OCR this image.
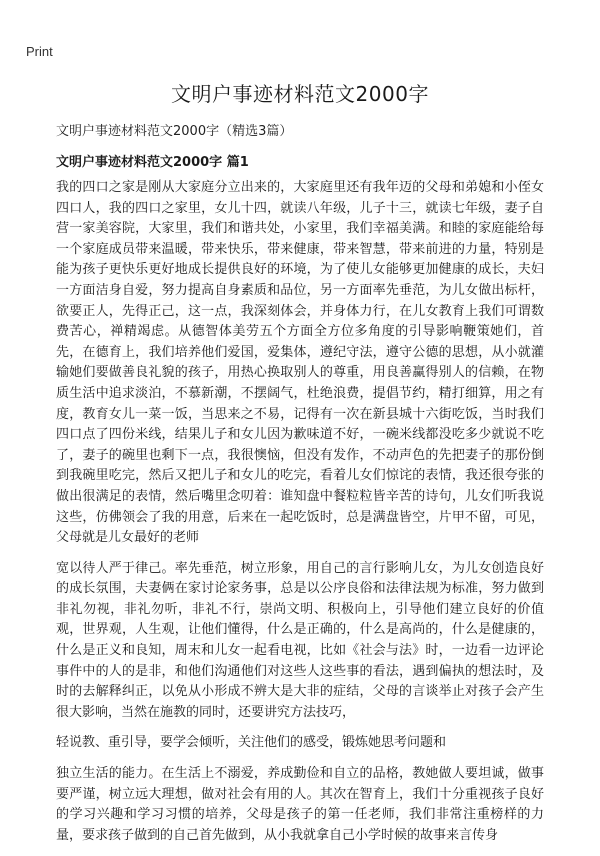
Print
文明户事迹材料范文2000字
文明户事迹材料范文2000字（精选3篇）
文明户事迹材料范文2000字 篇1

我的四口之家是刚从大家庭分立出来的，大家庭里还有我年迈的父母和弟媳和小侄女四口人，我的四口之家里，女儿十四，就读八年级，儿子十三，就读七年级，妻子自营一家美容院，大家里，我们和谐共处，小家里，我们幸福美满。和睦的家庭能给每一个家庭成员带来温暖，带来快乐，带来健康，带来智慧，带来前进的力量，特别是能为孩子更快乐更好地成长提供良好的环境，为了使儿女能够更加健康的成长，夫妇一方面洁身自爱，努力提高自身素质和品位，另一方面率先垂范，为儿女做出标杆，欲要正人，先得正己，这一点，我深刻体会，并身体力行，在儿女教育上我们可谓数费苦心，禅精竭虑。从德智体美劳五个方面全方位多角度的引导影响鞭策她们，首先，在德育上，我们培养他们爱国，爱集体，遵纪守法，遵守公德的思想，从小就灌输她们要做善良礼貌的孩子，用热心换取别人的尊重，用良善赢得别人的信赖，在物质生活中追求淡泊，不慕新潮，不摆阔气，杜绝浪费，提倡节约，精打细算，用之有度，教育女儿一菜一饭，当思来之不易，记得有一次在新县城十六街吃饭，当时我们四口点了四份米线，结果儿子和女儿因为歉味道不好，一碗米线都没吃多少就说不吃了，妻子的碗里也剩下一点，我很懊恼，但没有发作，不动声色的先把妻子的那份倒到我碗里吃完，然后又把儿子和女儿的吃完，看着儿女们惊诧的表情，我还很夸张的做出很满足的表情，然后嘴里念叨着：谁知盘中餐粒粒皆辛苦的诗句，儿女们听我说这些，仿佛领会了我的用意，后来在一起吃饭时，总是满盘皆空，片甲不留，可见，父母就是儿女最好的老师

宽以待人严于律己。率先垂范，树立形象，用自己的言行影响儿女，为儿女创造良好的成长氛围，夫妻俩在家讨论家务事，总是以公序良俗和法律法规为标准，努力做到非礼勿视，非礼勿听，非礼不行，崇尚文明、积极向上，引导他们建立良好的价值观，世界观，人生观，让他们懂得，什么是正确的，什么是高尚的，什么是健康的，什么是正义和良知，周末和儿女一起看电视，比如《社会与法》时，一边看一边评论事件中的人的是非，和他们沟通他们对这些人这些事的看法，遇到偏执的想法时，及时的去解释纠正，以免从小形成不辨大是大非的症结，父母的言谈举止对孩子会产生很大影响，当然在施教的同时，还要讲究方法技巧，

轻说教、重引导，要学会倾听，关注他们的感受，锻炼她思考问题和

独立生活的能力。在生活上不溺爱，养成勤俭和自立的品格，教她做人要坦诚，做事要严谨，树立远大理想，做对社会有用的人。其次在智育上，我们十分重视孩子良好的学习兴趣和学习习惯的培养，父母是孩子的第一任老师，我们非常注重榜样的力量，要求孩子做到的自己首先做到，从小我就拿自己小学时候的故事来言传身
